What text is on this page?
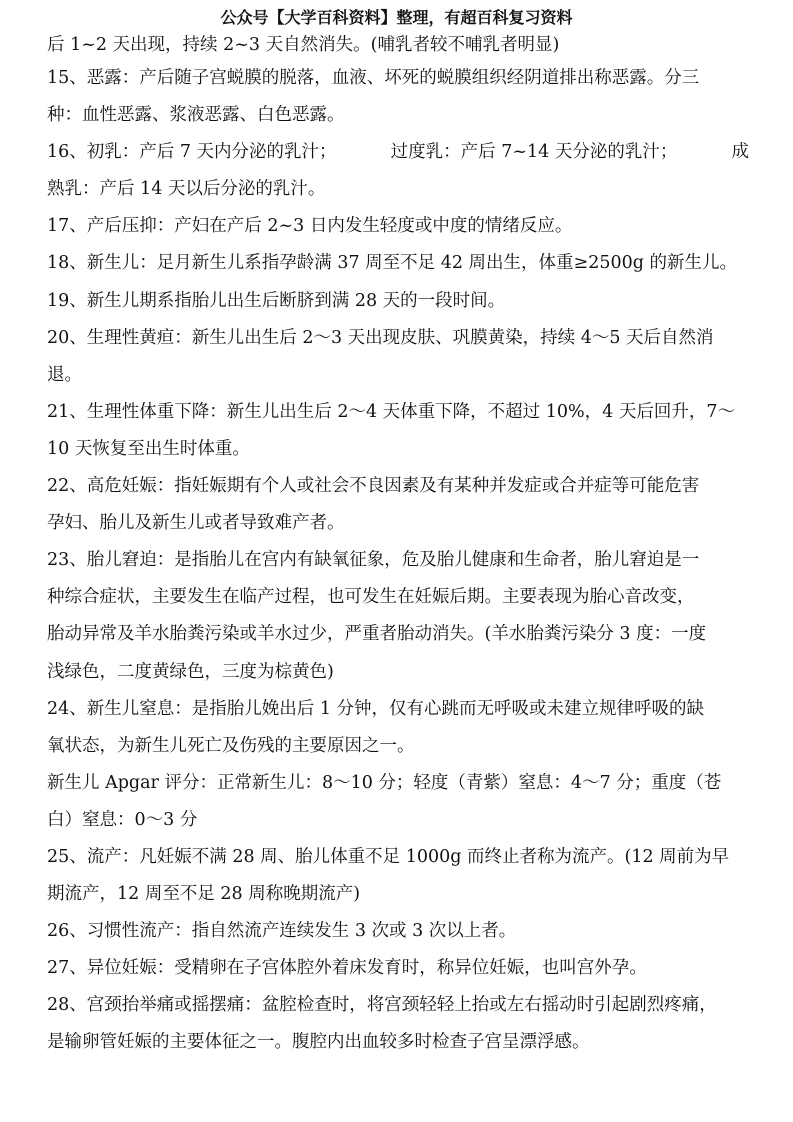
公众号【大学百科资料】整理，有超百科复习资料
后 1~2 天出现，持续 2~3 天自然消失。(哺乳者较不哺乳者明显)
15、恶露：产后随子宫蜕膜的脱落，血液、坏死的蜕膜组织经阴道排出称恶露。分三
种：血性恶露、浆液恶露、白色恶露。
16、初乳：产后 7 天内分泌的乳汁；	过度乳：产后 7~14 天分泌的乳汁；	成
熟乳：产后 14 天以后分泌的乳汁。
17、产后压抑：产妇在产后 2~3 日内发生轻度或中度的情绪反应。
18、新生儿：足月新生儿系指孕龄满 37 周至不足 42 周出生，体重≥2500g 的新生儿。
19、新生儿期系指胎儿出生后断脐到满 28 天的一段时间。
20、生理性黄疸：新生儿出生后 2～3 天出现皮肤、巩膜黄染，持续 4～5 天后自然消
退。
21、生理性体重下降：新生儿出生后 2～4 天体重下降，不超过 10%，4 天后回升，7～
10 天恢复至出生时体重。
22、高危妊娠：指妊娠期有个人或社会不良因素及有某种并发症或合并症等可能危害
孕妇、胎儿及新生儿或者导致难产者。
23、胎儿窘迫：是指胎儿在宫内有缺氧征象，危及胎儿健康和生命者，胎儿窘迫是一
种综合症状，主要发生在临产过程，也可发生在妊娠后期。主要表现为胎心音改变，
胎动异常及羊水胎粪污染或羊水过少，严重者胎动消失。(羊水胎粪污染分 3 度：一度
浅绿色，二度黄绿色，三度为棕黄色)
24、新生儿窒息：是指胎儿娩出后 1 分钟，仅有心跳而无呼吸或未建立规律呼吸的缺
氧状态，为新生儿死亡及伤残的主要原因之一。
新生儿 Apgar 评分：正常新生儿：8～10 分；轻度（青紫）窒息：4～7 分；重度（苍
白）窒息：0～3 分
25、流产：凡妊娠不满 28 周、胎儿体重不足 1000g 而终止者称为流产。(12 周前为早
期流产，12 周至不足 28 周称晚期流产)
26、习惯性流产：指自然流产连续发生 3 次或 3 次以上者。
27、异位妊娠：受精卵在子宫体腔外着床发育时，称异位妊娠，也叫宫外孕。
28、宫颈抬举痛或摇摆痛：盆腔检查时，将宫颈轻轻上抬或左右摇动时引起剧烈疼痛，
是输卵管妊娠的主要体征之一。腹腔内出血较多时检查子宫呈漂浮感。
